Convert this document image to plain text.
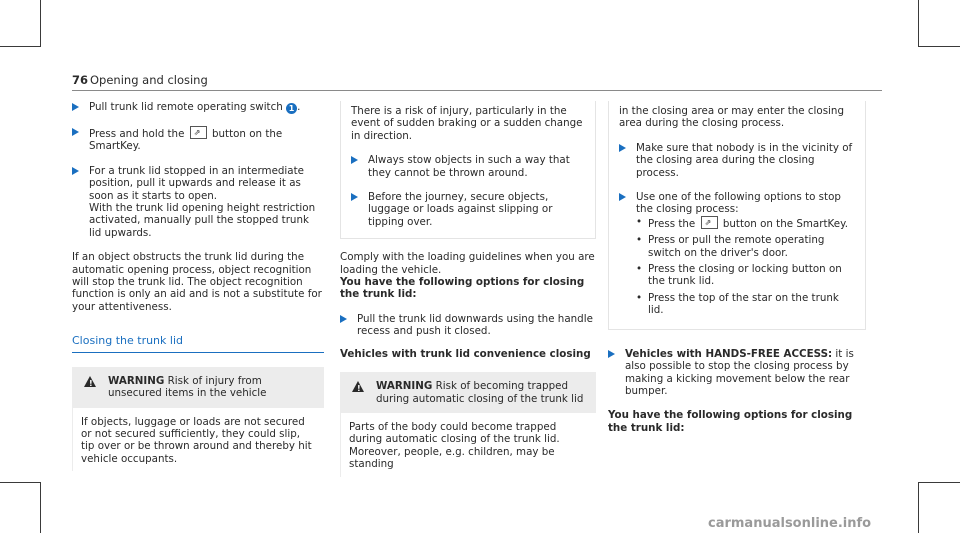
76 Opening and closing
Pull trunk lid remote operating switch 1 .
Press and hold the ⇗ button on the SmartKey.
For a trunk lid stopped in an intermediate position, pull it upwards and release it as soon as it starts to open.
With the trunk lid opening height restriction activated, manually pull the stopped trunk lid upwards.

If an object obstructs the trunk lid during the automatic opening process, object recognition will stop the trunk lid. The object recognition function is only an aid and is not a substitute for your attentiveness.

Closing the trunk lid
! WARNING Risk of injury from unsecured items in the vehicle
If objects, luggage or loads are not secured or not secured sufficiently, they could slip, tip over or be thrown around and thereby hit vehicle occupants.

There is a risk of injury, particularly in the event of sudden braking or a sudden change in direction.

Always stow objects in such a way that they cannot be thrown around.
Before the journey, secure objects, luggage or loads against slipping or tipping over.

Comply with the loading guidelines when you are loading the vehicle.

You have the following options for closing the trunk lid:

Pull the trunk lid downwards using the handle recess and push it closed.

Vehicles with trunk lid convenience closing

! WARNING Risk of becoming trapped during automatic closing of the trunk lid
Parts of the body could become trapped during automatic closing of the trunk lid. Moreover, people, e.g. children, may be standing

in the closing area or may enter the closing area during the closing process.

Make sure that nobody is in the vicinity of the closing area during the closing process.
Use one of the following options to stop the closing process:
• Press the ⇗ button on the SmartKey.
• Press or pull the remote operating switch on the driver's door.
• Press the closing or locking button on the trunk lid.
• Press the top of the star on the trunk lid.
Vehicles with HANDS-FREE ACCESS: it is also possible to stop the closing process by making a kicking movement below the rear bumper.

You have the following options for closing the trunk lid:

carmanualsonline.info
